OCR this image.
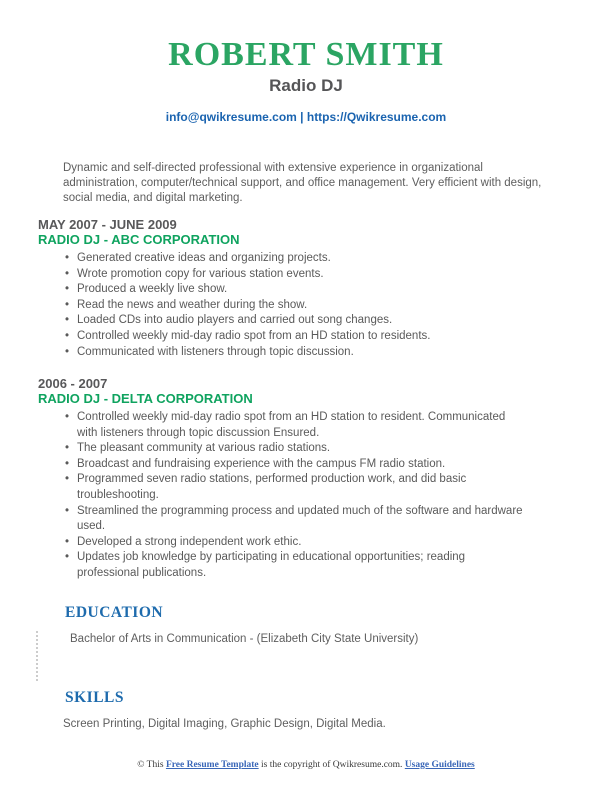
ROBERT SMITH
Radio DJ
info@qwikresume.com | https://Qwikresume.com
Dynamic and self-directed professional with extensive experience in organizational administration, computer/technical support, and office management. Very efficient with design, social media, and digital marketing.
MAY 2007 - JUNE 2009
RADIO DJ - ABC CORPORATION
• Generated creative ideas and organizing projects.
• Wrote promotion copy for various station events.
• Produced a weekly live show.
• Read the news and weather during the show.
• Loaded CDs into audio players and carried out song changes.
• Controlled weekly mid-day radio spot from an HD station to residents.
• Communicated with listeners through topic discussion.
2006 - 2007
RADIO DJ - DELTA CORPORATION
• Controlled weekly mid-day radio spot from an HD station to resident. Communicated with listeners through topic discussion Ensured.
• The pleasant community at various radio stations.
• Broadcast and fundraising experience with the campus FM radio station.
• Programmed seven radio stations, performed production work, and did basic troubleshooting.
• Streamlined the programming process and updated much of the software and hardware used.
• Developed a strong independent work ethic.
• Updates job knowledge by participating in educational opportunities; reading professional publications.
EDUCATION
Bachelor of Arts in Communication - (Elizabeth City State University)
SKILLS
Screen Printing, Digital Imaging, Graphic Design, Digital Media.
© This Free Resume Template is the copyright of Qwikresume.com. Usage Guidelines
